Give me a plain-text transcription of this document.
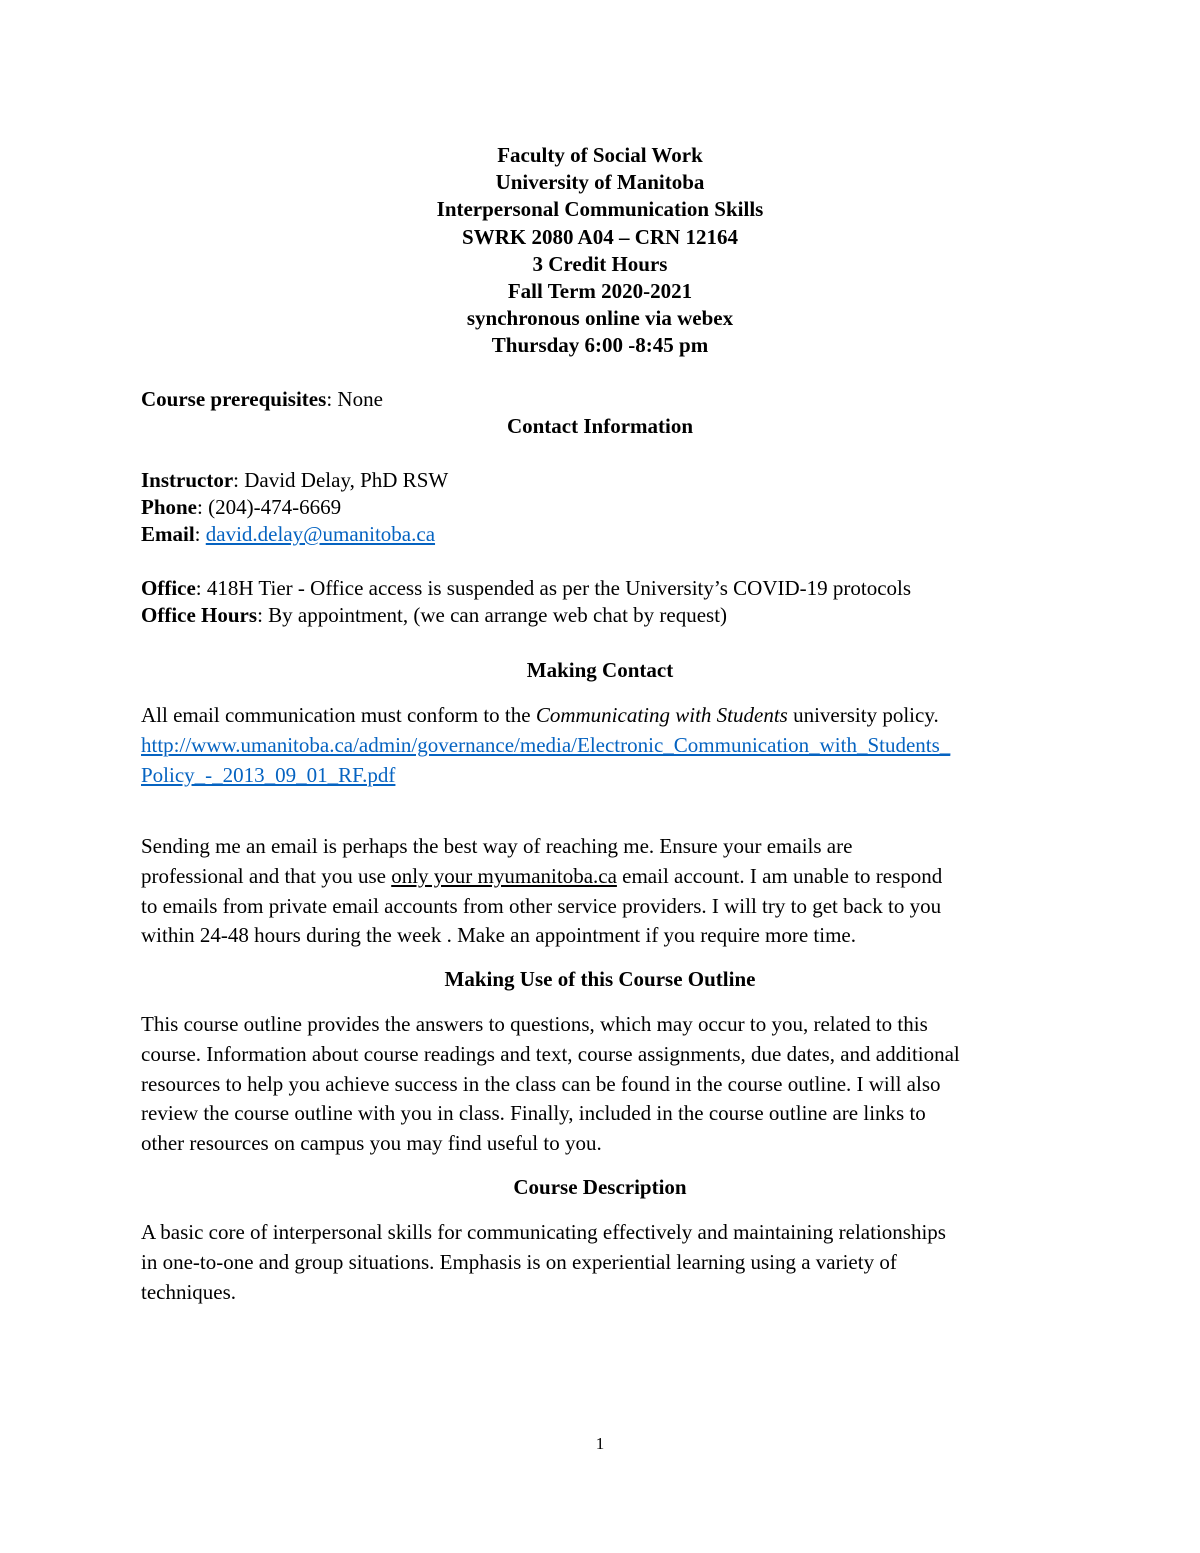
Faculty of Social Work
University of Manitoba
Interpersonal Communication Skills
SWRK 2080 A04 – CRN 12164
3 Credit Hours
Fall Term 2020-2021
synchronous online via webex
Thursday 6:00 -8:45 pm
Course prerequisites: None
Contact Information
Instructor: David Delay, PhD RSW
Phone: (204)-474-6669
Email: david.delay@umanitoba.ca
Office: 418H Tier - Office access is suspended as per the University’s COVID-19 protocols
Office Hours: By appointment, (we can arrange web chat by request)
Making Contact
All email communication must conform to the Communicating with Students university policy.
http://www.umanitoba.ca/admin/governance/media/Electronic_Communication_with_Students_
Policy_-_2013_09_01_RF.pdf
Sending me an email is perhaps the best way of reaching me. Ensure your emails are
professional and that you use only your myumanitoba.ca email account. I am unable to respond
to emails from private email accounts from other service providers. I will try to get back to you
within 24-48 hours during the week . Make an appointment if you require more time.
Making Use of this Course Outline
This course outline provides the answers to questions, which may occur to you, related to this
course. Information about course readings and text, course assignments, due dates, and additional
resources to help you achieve success in the class can be found in the course outline. I will also
review the course outline with you in class. Finally, included in the course outline are links to
other resources on campus you may find useful to you.
Course Description
A basic core of interpersonal skills for communicating effectively and maintaining relationships
in one-to-one and group situations. Emphasis is on experiential learning using a variety of
techniques.
1
